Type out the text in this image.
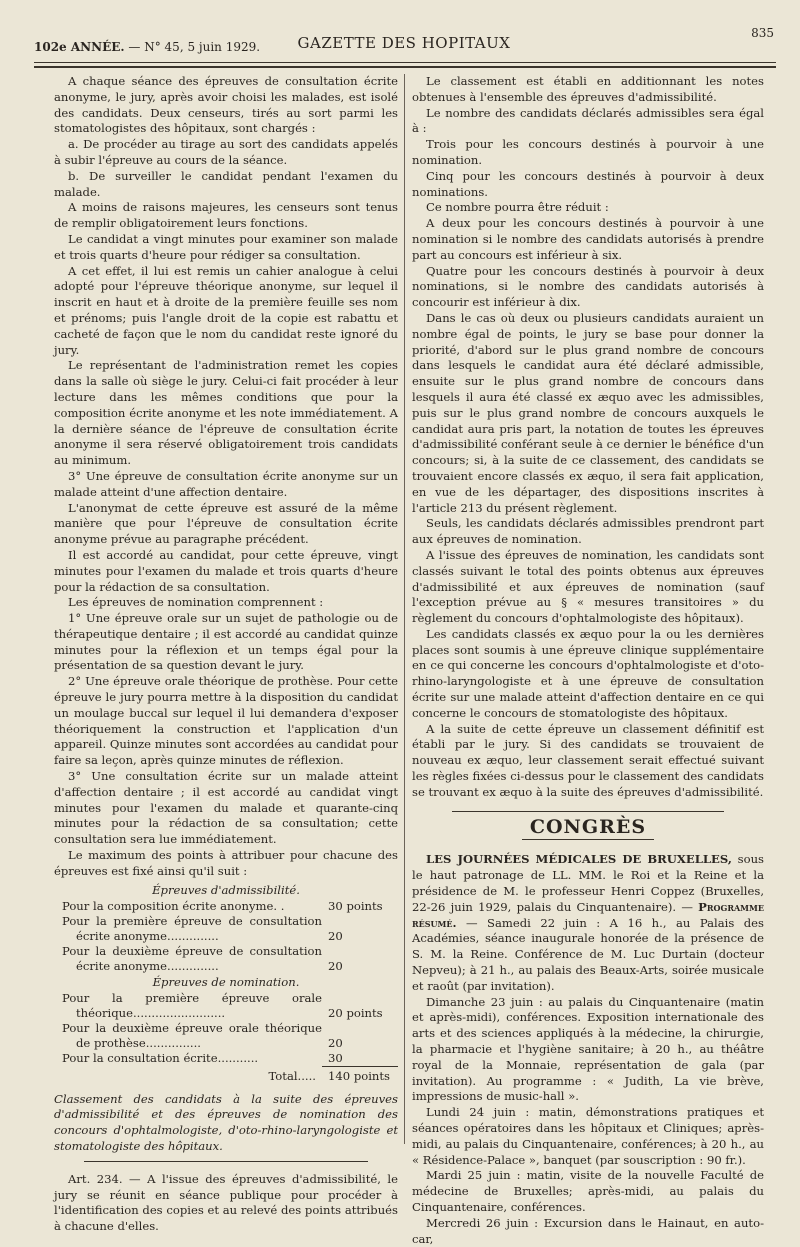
102e ANNÉE. — N° 45, 5 juin 1929.	GAZETTE DES HOPITAUX
835

A chaque séance des épreuves de consultation écrite anonyme, le jury, après avoir choisi les malades, est isolé des candidats. Deux censeurs, tirés au sort parmi les stomatologistes des hôpitaux, sont chargés :

a. De procéder au tirage au sort des candidats appelés à subir l'épreuve au cours de la séance.

b. De surveiller le candidat pendant l'examen du malade.

A moins de raisons majeures, les censeurs sont tenus de remplir obligatoirement leurs fonctions.

Le candidat a vingt minutes pour examiner son malade et trois quarts d'heure pour rédiger sa consultation.

A cet effet, il lui est remis un cahier analogue à celui adopté pour l'épreuve théorique anonyme, sur lequel il inscrit en haut et à droite de la première feuille ses nom et prénoms; puis l'angle droit de la copie est rabattu et cacheté de façon que le nom du candidat reste ignoré du jury.

Le représentant de l'administration remet les copies dans la salle où siège le jury. Celui-ci fait procéder à leur lecture dans les mêmes conditions que pour la composition écrite anonyme et les note immédiatement. A la dernière séance de l'épreuve de consultation écrite anonyme il sera réservé obligatoirement trois candidats au minimum.

3° Une épreuve de consultation écrite anonyme sur un malade atteint d'une affection dentaire.

L'anonymat de cette épreuve est assuré de la même manière que pour l'épreuve de consultation écrite anonyme prévue au paragraphe précédent.

Il est accordé au candidat, pour cette épreuve, vingt minutes pour l'examen du malade et trois quarts d'heure pour la rédaction de sa consultation.

Les épreuves de nomination comprennent :

1° Une épreuve orale sur un sujet de pathologie ou de thérapeutique dentaire ; il est accordé au candidat quinze minutes pour la réflexion et un temps égal pour la présentation de sa question devant le jury.

2° Une épreuve orale théorique de prothèse. Pour cette épreuve le jury pourra mettre à la disposition du candidat un moulage buccal sur lequel il lui demandera d'exposer théoriquement la construction et l'application d'un appareil. Quinze minutes sont accordées au candidat pour faire sa leçon, après quinze minutes de réflexion.

3° Une consultation écrite sur un malade atteint d'affection dentaire ; il est accordé au candidat vingt minutes pour l'examen du malade et quarante-cinq minutes pour la rédaction de sa consultation; cette consultation sera lue immédiatement.

Le maximum des points à attribuer pour chacune des épreuves est fixé ainsi qu'il suit :

Épreuves d'admissibilité.	
Pour la composition écrite anonyme. .	30 points
Pour la première épreuve de consultation écrite anonyme..............	20
Pour la deuxième épreuve de consultation écrite anonyme..............	20
Épreuves de nomination.	
Pour la première épreuve orale théorique.........................	20 points
Pour la deuxième épreuve orale théorique de prothèse...............	20
Pour la consultation écrite...........	30
Total.....	140 points

Classement des candidats à la suite des épreuves d'admissibilité et des épreuves de nomination des concours d'ophtalmologiste, d'oto-rhino-laryngologiste et stomatologiste des hôpitaux.

Art. 234. — A l'issue des épreuves d'admissibilité, le jury se réunit en séance publique pour procéder à l'identification des copies et au relevé des points attribués à chacune d'elles.

Le classement est établi en additionnant les notes obtenues à l'ensemble des épreuves d'admissibilité.

Le nombre des candidats déclarés admissibles sera égal à :

Trois pour les concours destinés à pourvoir à une nomination.

Cinq pour les concours destinés à pourvoir à deux nominations.

Ce nombre pourra être réduit :

A deux pour les concours destinés à pourvoir à une nomination si le nombre des candidats autorisés à prendre part au concours est inférieur à six.

Quatre pour les concours destinés à pourvoir à deux nominations, si le nombre des candidats autorisés à concourir est inférieur à dix.

Dans le cas où deux ou plusieurs candidats auraient un nombre égal de points, le jury se base pour donner la priorité, d'abord sur le plus grand nombre de concours dans lesquels le candidat aura été déclaré admissible, ensuite sur le plus grand nombre de concours dans lesquels il aura été classé ex æquo avec les admissibles, puis sur le plus grand nombre de concours auxquels le candidat aura pris part, la notation de toutes les épreuves d'admissibilité conférant seule à ce dernier le bénéfice d'un concours; si, à la suite de ce classement, des candidats se trouvaient encore classés ex æquo, il sera fait application, en vue de les départager, des dispositions inscrites à l'article 213 du présent règlement.

Seuls, les candidats déclarés admissibles prendront part aux épreuves de nomination.

A l'issue des épreuves de nomination, les candidats sont classés suivant le total des points obtenus aux épreuves d'admissibilité et aux épreuves de nomination (sauf l'exception prévue au § « mesures transitoires » du règlement du concours d'ophtalmologiste des hôpitaux).

Les candidats classés ex æquo pour la ou les dernières places sont soumis à une épreuve clinique supplémentaire en ce qui concerne les concours d'ophtalmologiste et d'oto-rhino-laryngologiste et à une épreuve de consultation écrite sur une malade atteint d'affection dentaire en ce qui concerne le concours de stomatologiste des hôpitaux.

A la suite de cette épreuve un classement définitif est établi par le jury. Si des candidats se trouvaient de nouveau ex æquo, leur classement serait effectué suivant les règles fixées ci-dessus pour le classement des candidats se trouvant ex æquo à la suite des épreuves d'admissibilité.

CONGRÈS

LES JOURNÉES MÉDICALES DE BRUXELLES, sous le haut patronage de LL. MM. le Roi et la Reine et la présidence de M. le professeur Henri Coppez (Bruxelles, 22-26 juin 1929, palais du Cinquantenaire). — Programme résumé. — Samedi 22 juin : A 16 h., au Palais des Académies, séance inaugurale honorée de la présence de S. M. la Reine. Conférence de M. Luc Durtain (docteur Nepveu); à 21 h., au palais des Beaux-Arts, soirée musicale et raoût (par invitation).

Dimanche 23 juin : au palais du Cinquantenaire (matin et après-midi), conférences. Exposition internationale des arts et des sciences appliqués à la médecine, la chirurgie, la pharmacie et l'hygiène sanitaire; à 20 h., au théâtre royal de la Monnaie, représentation de gala (par invitation). Au programme : « Judith, La vie brève, impressions de music-hall ».

Lundi 24 juin : matin, démonstrations pratiques et séances opératoires dans les hôpitaux et Cliniques; après-midi, au palais du Cinquantenaire, conférences; à 20 h., au « Résidence-Palace », banquet (par souscription : 90 fr.).

Mardi 25 juin : matin, visite de la nouvelle Faculté de médecine de Bruxelles; après-midi, au palais du Cinquantenaire, conférences.

Mercredi 26 juin : Excursion dans le Hainaut, en auto-car,
